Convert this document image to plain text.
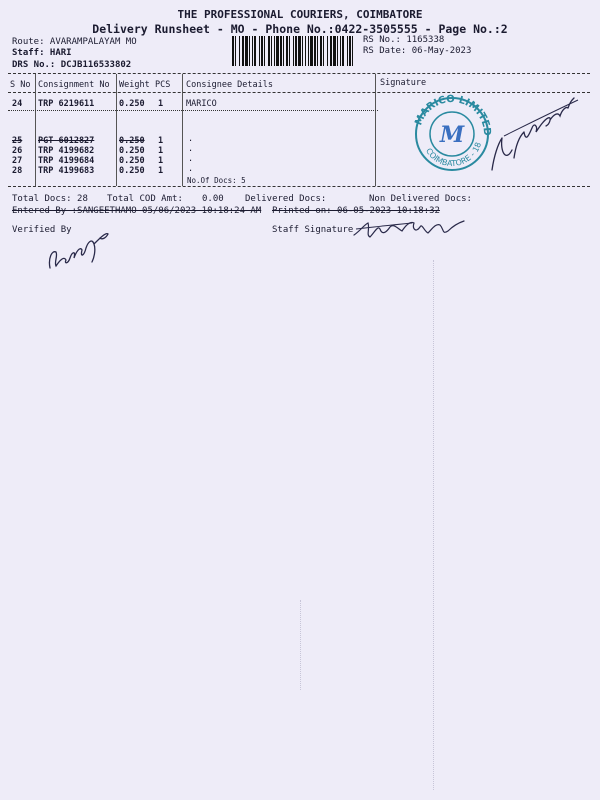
THE PROFESSIONAL COURIERS, COIMBATORE
Delivery Runsheet - MO - Phone No.:0422-3505555 - Page No.:2
Route: AVARAMPALAYAM MO
Staff: HARI
DRS No.: DCJB116533802
RS No.: 1165338
RS Date: 06-May-2023
S No Consignment No Weight PCS Consignee Details	Signature
24 TRP 6219611	0.250 1	MARICO
25 PGT 6012827	0.250 1	.
26 TRP 4199682	0.250 1	.
27 TRP 4199684	0.250 1	.
28 TRP 4199683	0.250 1	.
No.Of Docs: 5
MARICO LIMITED
COIMBATORE - 18
M
Total Docs: 28 Total COD Amt: 0.00 Delivered Docs:	Non Delivered Docs:
Entered By :SANGEETHAMO 05/06/2023 10:18:24 AM Printed on: 06-05-2023 10:18:32
Verified By	Staff Signature
